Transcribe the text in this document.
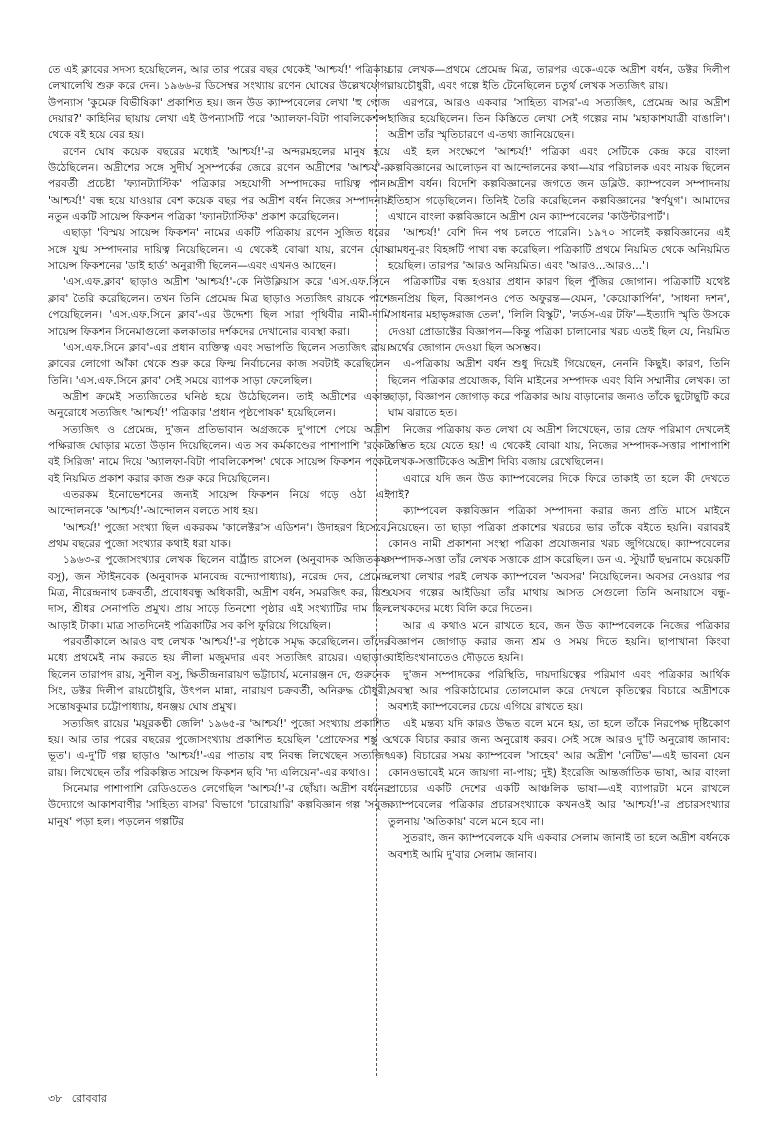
তে এই ক্লাবের সদস্য হয়েছিলেন, আর তার পরের বছর থেকেই 'আশ্চর্য!' পত্রিকায় লেখালেখি শুরু করে দেন। ১৯৬৬-র ডিসেম্বর সংখ্যায় রণেন ঘোষের উল্লেখযোগ্য উপন্যাস 'কুমেরু বিভীষিকা' প্রকাশিত হয়। জন উড ক্যাম্পবেলের লেখা 'হু গোজ দেয়ার?' কাহিনির ছায়ায় লেখা এই উপন্যাসটি পরে 'অ্যালফা-বিটা পাবলিকেশন্স' থেকে বই হয়ে বের হয়।

রণেন ঘোষ কয়েক বছরের মধ্যেই 'আশ্চর্য!'-র অন্দরমহলের মানুষ হয়ে উঠেছিলেন। অদ্রীশের সঙ্গে সুদীর্ঘ সুসম্পর্কের জেরে রণেন অদ্রীশের 'আশ্চর্য'-র পরবর্তী প্রচেষ্টা 'ফ্যানট্যাস্টিক' পত্রিকার সহযোগী সম্পাদকের দায়িত্ব পান। 'আশ্চর্য!' বন্ধ হয়ে যাওয়ার বেশ কয়েক বছর পর অদ্রীশ বর্ধন নিজের সম্পাদনায় নতুন একটি সায়েন্স ফিকশন পত্রিকা 'ফ্যানট্যাস্টিক' প্রকাশ করেছিলেন।

এছাড়া 'বিস্ময় সায়েন্স ফিকশন' নামের একটি পত্রিকায় রণেন সুজিত ধরের সঙ্গে যুগ্ম সম্পাদনার দায়িত্ব নিয়েছিলেন। এ থেকেই বোঝা যায়, রণেন ঘোষ সায়েন্স ফিকশনের 'ডাই হার্ড' অনুরাগী ছিলেন—এবং এখনও আছেন।

'এস.এফ.ক্লাব' ছাড়াও অদ্রীশ 'আশ্চর্য!'-কে নিউক্লিয়াস করে 'এস.এফ.সিনে ক্লাব' তৈরি করেছিলেন। তখন তিনি প্রেমেন্দ্র মিত্র ছাড়াও সত্যজিৎ রায়কে পাশে পেয়েছিলেন। 'এস.এফ.সিনে ক্লাব'-এর উদ্দেশ্য ছিল সারা পৃথিবীর নামী-দামি সায়েন্স ফিকশন সিনেমাগুলো কলকাতার দর্শকদের দেখানোর ব্যবস্থা করা।

'এস.এফ.সিনে ক্লাব'-এর প্রধান ব্যক্তিত্ব এবং সভাপতি ছিলেন সত্যজিৎ রায়। ক্লাবের লোগো আঁকা থেকে শুরু করে ফিল্ম নির্বাচনের কাজ সবটাই করেছিলেন তিনি। 'এস.এফ.সিনে ক্লাব' সেই সময়ে ব্যাপক সাড়া ফেলেছিল।

অদ্রীশ ক্রমেই সত্যজিতের ঘনিষ্ঠ হয়ে উঠেছিলেন। তাই অদ্রীশের একান্ত অনুরোধে সত্যজিৎ 'আশ্চর্য!' পত্রিকার 'প্রধান পৃষ্ঠপোষক' হয়েছিলেন।

সত্যজিৎ ও প্রেমেন্দ্র, দু'জন প্রতিভাবান অগ্রজকে দু'পাশে পেয়ে অদ্রীশ পক্ষিরাজ ঘোড়ার মতো উড়ান দিয়েছিলেন। এত সব কর্মকাণ্ডের পাশাপাশি 'রকেট বই সিরিজ' নামে দিয়ে 'অ্যালফা-বিটা পাবলিকেশন্স' থেকে সায়েন্স ফিকশন পকেট বই নিয়মিত প্রকাশ করার কাজ শুরু করে দিয়েছিলেন।

এতরকম ইনোভেশনের জন্যই সায়েন্স ফিকশন নিয়ে গড়ে ওঠা এই আন্দোলনকে 'আশ্চর্য!'-আন্দোলন বলতে সাধ হয়।

'আশ্চর্য!' পুজো সংখ্যা ছিল একরকম 'কালেক্টর'স এডিশন'। উদাহরণ হিসেবে, প্রথম বছরের পুজো সংখ্যার কথাই ধরা যাক।

১৯৬৩-র পুজোসংখ্যার লেখক ছিলেন বার্ট্রান্ড রাসেল (অনুবাদক অজিতকৃষ্ণ বসু), জন স্টাইনবেক (অনুবাদক মানবেন্দ্র বন্দ্যোপাধ্যায়), নরেন্দ্র দেব, প্রেমেন্দ্র মিত্র, নীরেন্দ্রনাথ চক্রবর্তী, প্রবোধবন্ধু অধিকারী, অদ্রীশ বর্ধন, সমরজিৎ কর, বিশু দাস, শ্রীধর সেনাপতি প্রমুখ। প্রায় সাড়ে তিনশো পৃষ্ঠার এই সংখ্যাটির দাম ছিল আড়াই টাকা। মাত্র সাতদিনেই পত্রিকাটির সব কপি ফুরিয়ে গিয়েছিল।

পরবর্তীকালে আরও বহু লেখক 'আশ্চর্য!'-র পৃষ্ঠাকে সমৃদ্ধ করেছিলেন। তাঁদের মধ্যে প্রথমেই নাম করতে হয় লীলা মজুমদার এবং সত্যজিৎ রায়ের। এছাড়াও ছিলেন তারাপদ রায়, সুনীল বসু, ক্ষিতীন্দ্রনারায়ণ ভট্টাচার্য, মনোরঞ্জন দে, গুরুনেক সিং, ডক্টর দিলীপ রায়চৌধুরি, উৎপল মান্না, নারায়ণ চক্রবর্তী, অনিরুদ্ধ চৌধুরী, সন্তোষকুমার চট্টোপাধ্যায়, ধনঞ্জয় ঘোষ প্রমুখ।

সত্যজিৎ রায়ের 'ময়ূরকণ্ঠী জেলি' ১৯৬৫-র 'আশ্চর্য!' পুজো সংখ্যায় প্রকাশিত হয়। আর তার পরের বছরের পুজোসংখ্যায় প্রকাশিত হয়েছিল 'প্রোফেসর শঙ্কু ও ভূত'। এ-দু'টি গল্প ছাড়াও 'আশ্চর্য!'-এর পাতায় বহু নিবন্ধ লিখেছেন সত্যজিৎ রায়। লিখেছেন তাঁর পরিকল্পিত সায়েন্স ফিকশন ছবি 'দ্য এলিয়েন'-এর কথাও।

সিনেমার পাশাপাশি রেডিওতেও লেগেছিল 'আশ্চর্য!'-র ছোঁয়া। অদ্রীশ বর্ধনের উদ্যোগে আকাশবাণীর 'সাহিত্য বাসর' বিভাগে 'চারোয়ারি' কল্পবিজ্ঞান গল্প 'সবুজ মানুষ' পড়া হল। পড়লেন গল্পটির

চার লেখক—প্রথমে প্রেমেন্দ্র মিত্র, তারপর একে-একে অদ্রীশ বর্ধন, ডক্টর দিলীপ রায়চৌধুরী, এবং গল্পে ইতি টেনেছিলেন চতুর্থ লেখক সত্যজিৎ রায়।

এরপরে, আরও একবার 'সাহিত্য বাসর'-এ সত্যজিৎ, প্রেমেন্দ্র আর অদ্রীশ হাজির হয়েছিলেন। তিন কিস্তিতে লেখা সেই গল্পের নাম 'মহাকাশযাত্রী বাঙালি'। অদ্রীশ তাঁর স্মৃতিচারণে এ-তথ্য জানিয়েছেন।

এই হল সংক্ষেপে 'আশ্চর্য!' পত্রিকা এবং সেটিকে কেন্দ্র করে বাংলা কল্পবিজ্ঞানের আলোড়ন বা আন্দোলনের কথা—যার পরিচালক এবং নায়ক ছিলেন অদ্রীশ বর্ধন। বিদেশি কল্পবিজ্ঞানের জগতে জন ডব্লিউ. ক্যাম্পবেল সম্পাদনায় ইতিহাস গড়েছিলেন। তিনিই তৈরি করেছিলেন কল্পবিজ্ঞানের 'স্বর্ণযুগ'। আমাদের এখানে বাংলা কল্পবিজ্ঞানে অদ্রীশ যেন ক্যাম্পবেলের 'কাউন্টারপার্ট'।

'আশ্চর্য!' বেশি দিন পথ চলতে পারেনি। ১৯৭০ সালেই কল্পবিজ্ঞানের এই রামধনু-রং বিহঙ্গটি পাখা বন্ধ করেছিল। পত্রিকাটি প্রথমে নিয়মিত থেকে অনিয়মিত হয়েছিল। তারপর 'আরও অনিয়মিত। এবং 'আরও...আরও...'।

পত্রিকাটির বন্ধ হওয়ার প্রধান কারণ ছিল পুঁজির জোগান। পত্রিকাটি যথেষ্ট জনপ্রিয় ছিল, বিজ্ঞাপনও পেত অফুরন্ত—যেমন, 'কেয়োকার্পিন', 'সাধনা দশন', 'সাধনার মহাভৃঙ্গরাজ তেল', 'লিলি বিস্কুট', 'লর্ডস-এর টফি'—ইত্যাদি স্মৃতি উসকে দেওয়া প্রোডাক্টের বিজ্ঞাপন—কিন্তু পত্রিকা চালানোর খরচ এতই ছিল যে, নিয়মিত অর্থের জোগান দেওয়া ছিল অসম্ভব।

এ-পত্রিকায় অদ্রীশ বর্ধন শুধু দিয়েই গিয়েছেন, নেননি কিছুই। কারণ, তিনি ছিলেন পত্রিকার প্রযোজক, বিনি মাইনের সম্পাদক এবং বিনি সম্মানীর লেখক। তা ছাড়া, বিজ্ঞাপন জোগাড় করে পত্রিকার আয় বাড়ানোর জন্যও তাঁকে ছুটোছুটি করে ঘাম ঝরাতে হত।

নিজের পত্রিকায় কত লেখা যে অদ্রীশ লিখেছেন, তার স্রেফ পরিমাণ দেখলেই স্তম্ভিত হয়ে যেতে হয়! এ থেকেই বোঝা যায়, নিজের সম্পাদক-সত্তার পাশাপাশি লেখক-সত্তাটিকেও অদ্রীশ দিব্যি বজায় রেখেছিলেন।

এবারে যদি জন উড ক্যাম্পবেলের দিকে ফিরে তাকাই তা হলে কী দেখতে পাই?

ক্যাম্পবেল কল্পবিজ্ঞান পত্রিকা সম্পাদনা করার জন্য প্রতি মাসে মাইনে নিয়েছেন। তা ছাড়া পত্রিকা প্রকাশের খরচের ভার তাঁকে বইতে হয়নি। বরাবরই কোনও নামী প্রকাশনা সংস্থা পত্রিকা প্রযোজনার খরচ জুগিয়েছে। ক্যাম্পবেলের সম্পাদক-সত্তা তাঁর লেখক সত্তাকে গ্রাস করেছিল। ডন এ. স্টুয়ার্ট ছদ্মনামে কয়েকটি লেখা লেখার পরই লেখক ক্যাম্পবেল 'অবসর' নিয়েছিলেন। অবসর নেওয়ার পর যেসব গল্পের আইডিয়া তাঁর মাথায় আসত সেগুলো তিনি অনায়াসে বন্ধু-লেখকদের মধ্যে বিলি করে দিতেন।

আর এ কথাও মনে রাখতে হবে, জন উড ক্যাম্পবেলকে নিজের পত্রিকার বিজ্ঞাপন জোগাড় করার জন্য শ্রম ও সময় দিতে হয়নি। ছাপাখানা কিংবা বাইন্ডিংখানাতেও দৌড়তে হয়নি।

দু'জন সম্পাদকের পরিস্থিতি, দায়দায়িত্বের পরিমাণ এবং পত্রিকার আর্থিক অবস্থা আর পরিকাঠামোর তোলমোল করে দেখলে কৃতিত্বের বিচারে অদ্রীশকে অবশ্যই ক্যাম্পবেলের চেয়ে এগিয়ে রাখতে হয়।

এই মন্তব্য যদি কারও উদ্ধত বলে মনে হয়, তা হলে তাঁকে নিরপেক্ষ দৃষ্টিকোণ থেকে বিচার করার জন্য অনুরোধ করব। সেই সঙ্গে আরও দু'টি অনুরোধ জানাব: এক) বিচারের সময় ক্যাম্পবেল 'সাহেব' আর অদ্রীশ 'নেটিভ'—এই ভাবনা যেন কোনওভাবেই মনে জায়গা না-পায়; দুই) ইংরেজি আন্তর্জাতিক ভাষা, আর বাংলা প্রাচ্যের একটি দেশের একটি আঞ্চলিক ভাষা—এই ব্যাপারটা মনে রাখলে ক্যাম্পবেলের পত্রিকার প্রচারসংখ্যাকে কখনওই আর 'আশ্চর্য!'-র প্রচারসংখ্যার তুলনায় 'অতিকায়' বলে মনে হবে না।

সুতরাং, জন ক্যাম্পবেলকে যদি একবার সেলাম জানাই তা হলে অদ্রীশ বর্ধনকে অবশ্যই আমি দু'বার সেলাম জানাব।

৩৮ রোববার
